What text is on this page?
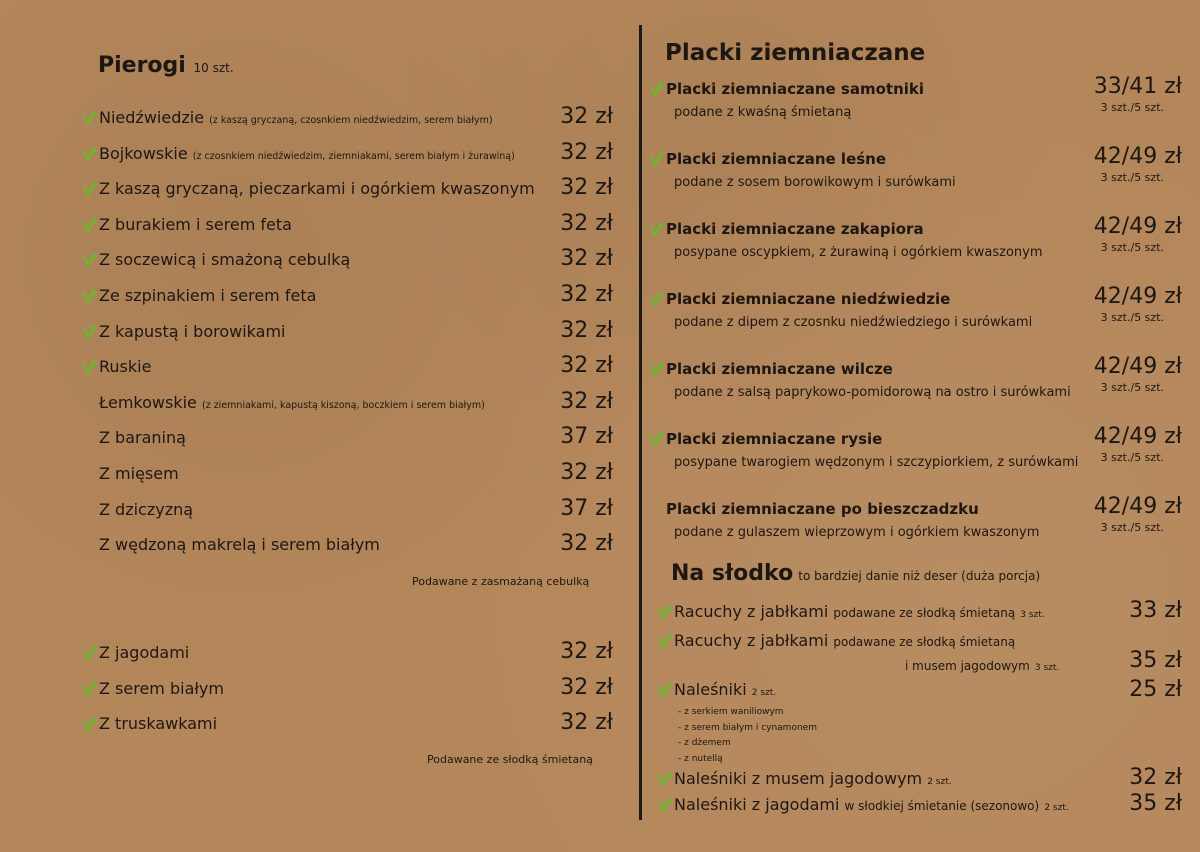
Pierogi 10 szt.
Niedźwiedzie (z kaszą gryczaną, czosnkiem niedźwiedzim, serem białym)	32 zł
Bojkowskie (z czosnkiem niedźwiedzim, ziemniakami, serem białym i żurawiną) 32 zł
Z kaszą gryczaną, pieczarkami i ogórkiem kwaszonym 32 zł
Z burakiem i serem feta	32 zł
Z soczewicą i smażoną cebulką	32 zł
Ze szpinakiem i serem feta	32 zł
Z kapustą i borowikami	32 zł
Ruskie	32 zł
Łemkowskie (z ziemniakami, kapustą kiszoną, boczkiem i serem białym)	32 zł
Z baraniną	37 zł
Z mięsem	32 zł
Z dziczyzną	37 zł
Z wędzoną makrelą i serem białym	32 zł
Podawane z zasmażaną cebulką
Z jagodami	32 zł
Z serem białym	32 zł
Z truskawkami	32 zł
Podawane ze słodką śmietaną
Placki ziemniaczane
Placki ziemniaczane samotniki
podane z kwaśną śmietaną
33/41 zł
3 szt./5 szt.
Placki ziemniaczane leśne
podane z sosem borowikowym i surówkami
42/49 zł
3 szt./5 szt.
Placki ziemniaczane zakapiora
posypane oscypkiem, z żurawiną i ogórkiem kwaszonym
42/49 zł
3 szt./5 szt.
Placki ziemniaczane niedźwiedzie
podane z dipem z czosnku niedźwiedziego i surówkami
42/49 zł
3 szt./5 szt.
Placki ziemniaczane wilcze
podane z salsą paprykowo-pomidorową na ostro i surówkami
42/49 zł
3 szt./5 szt.
Placki ziemniaczane rysie
posypane twarogiem wędzonym i szczypiorkiem, z surówkami
42/49 zł
3 szt./5 szt.
Placki ziemniaczane po bieszczadzku
podane z gulaszem wieprzowym i ogórkiem kwaszonym
42/49 zł
3 szt./5 szt.
Na słodko to bardziej danie niż deser (duża porcja)
Racuchy z jabłkami podawane ze słodką śmietaną 3 szt.	33 zł
Racuchy z jabłkami podawane ze słodką śmietaną
i musem jagodowym 3 szt.	35 zł
Naleśniki 2 szt.	25 zł
- z serkiem waniliowym
- z serem białym i cynamonem
- z dżemem
- z nutellą
Naleśniki z musem jagodowym 2 szt.	32 zł
Naleśniki z jagodami w słodkiej śmietanie (sezonowo) 2 szt.	35 zł
